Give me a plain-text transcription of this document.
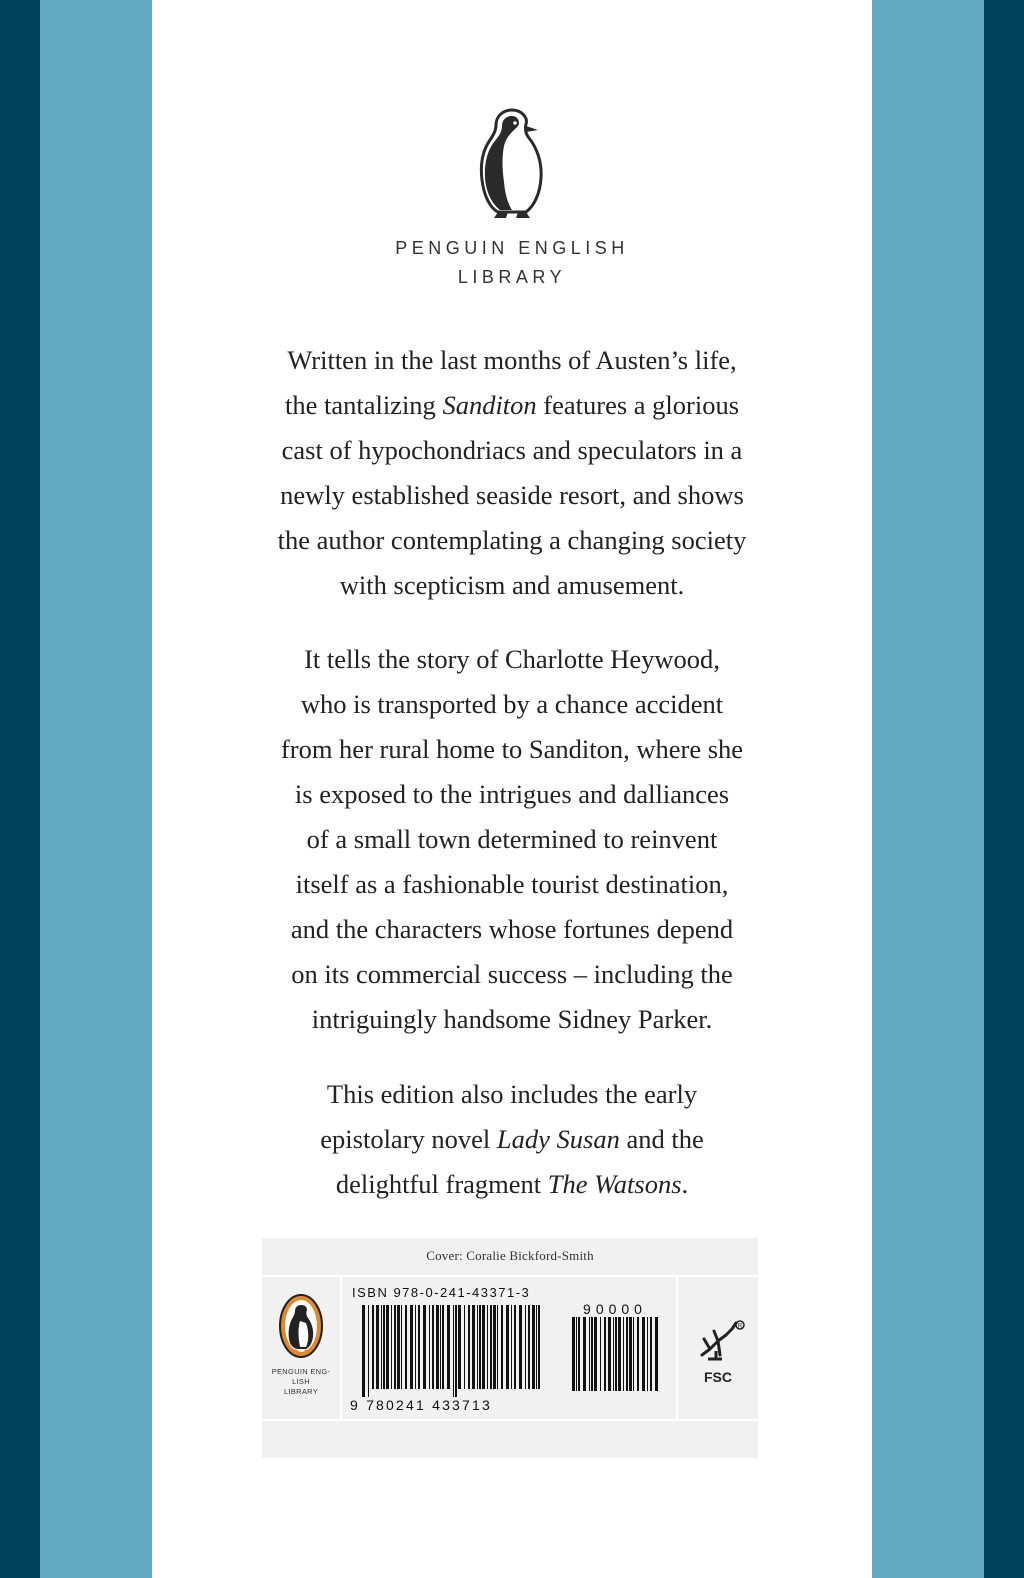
PENGUIN ENGLISH
LIBRARY
Written in the last months of Austen’s life,
the tantalizing Sanditon features a glorious
cast of hypochondriacs and speculators in a
newly established seaside resort, and shows
the author contemplating a changing society
with scepticism and amusement.
It tells the story of Charlotte Heywood,
who is transported by a chance accident
from her rural home to Sanditon, where she
is exposed to the intrigues and dalliances
of a small town determined to reinvent
itself as a fashionable tourist destination,
and the characters whose fortunes depend
on its commercial success – including the
intriguingly handsome Sidney Parker.
This edition also includes the early
epistolary novel Lady Susan and the
delightful fragment The Watsons.
Cover: Coralie Bickford-Smith
PENGUIN ENG-
LISH
LIBRARY
ISBN 978-0-241-43371-3
90000
9 780241 433713
R
FSC
